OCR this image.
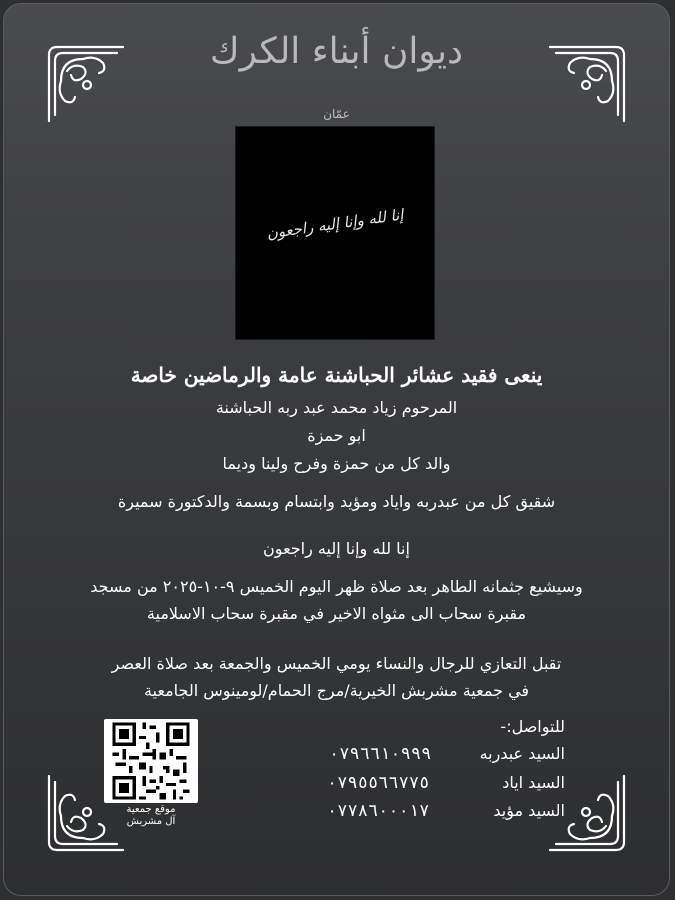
ديوان أبناء الكرك
عمّان
إنا لله وإنا إليه راجعون
ينعى فقيد عشائر الحباشنة عامة والرماضين خاصة
المرحوم زياد محمد عبد ربه الحباشنة
ابو حمزة
والد كل من حمزة وفرح ولينا وديما
شقيق كل من عبدربه واياد ومؤيد وابتسام وبسمة والدكتورة سميرة
إنا لله وإنا إليه راجعون
وسيشيع جثمانه الطاهر بعد صلاة ظهر اليوم الخميس ٩-١٠-٢٠٢٥ من مسجد
مقبرة سحاب الى مثواه الاخير في مقبرة سحاب الاسلامية
تقبل التعازي للرجال والنساء يومي الخميس والجمعة بعد صلاة العصر
في جمعية مشربش الخيرية/مرج الحمام/لومينوس الجامعية
موقع جمعية
آل مشربش
للتواصل:-
السيد عبدربه
٠٧٩٦٦١٠٩٩٩
السيد اياد
٠٧٩٥٥٦٦٧٧٥
السيد مؤيد
٠٧٧٨٦٠٠٠١٧
